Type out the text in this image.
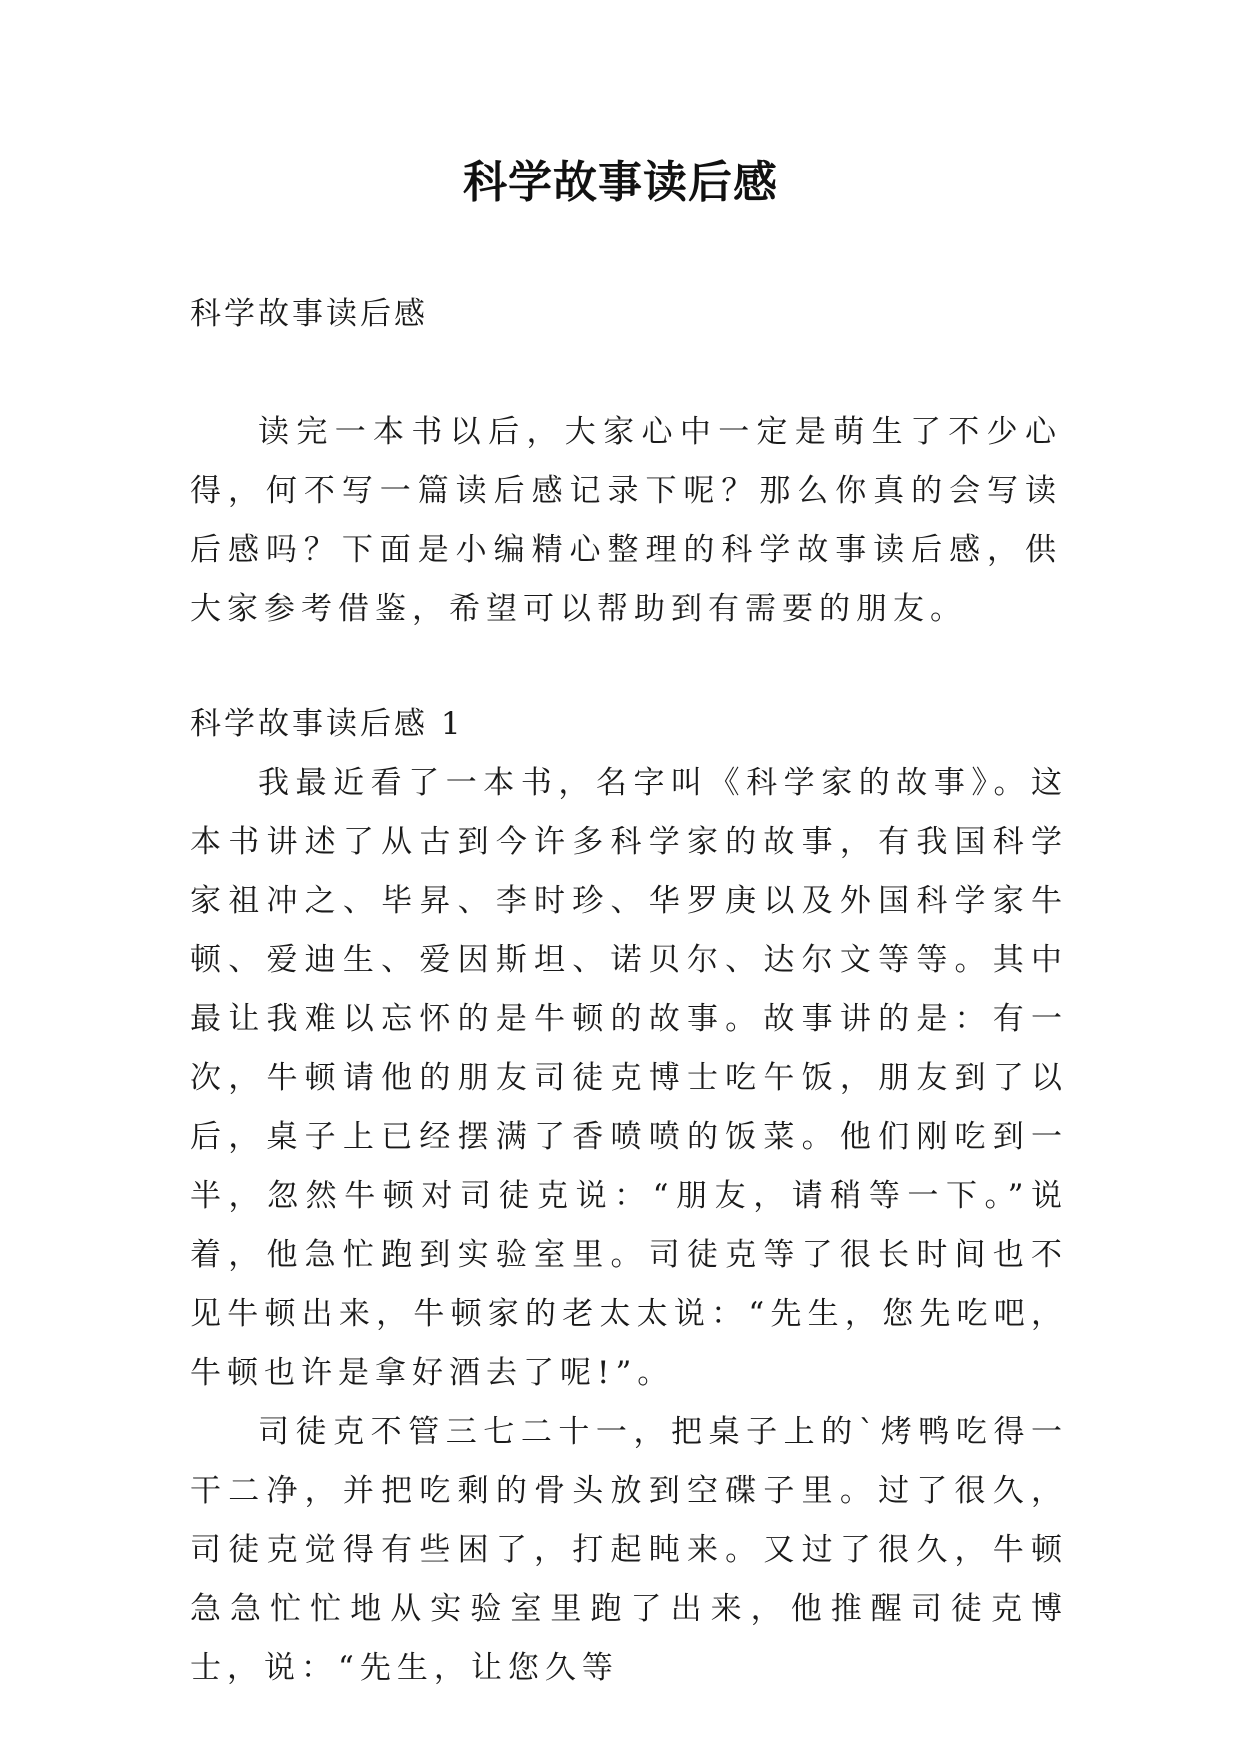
科学故事读后感
科学故事读后感

读完一本书以后，大家心中一定是萌生了不少心得，何不写一篇读后感记录下呢？那么你真的会写读后感吗？下面是小编精心整理的科学故事读后感，供大家参考借鉴，希望可以帮助到有需要的朋友。

科学故事读后感 1

我最近看了一本书，名字叫《科学家的故事》。这本书讲述了从古到今许多科学家的故事，有我国科学家祖冲之、毕昇、李时珍、华罗庚以及外国科学家牛顿、爱迪生、爱因斯坦、诺贝尔、达尔文等等。其中最让我难以忘怀的是牛顿的故事。故事讲的是：有一次，牛顿请他的朋友司徒克博士吃午饭，朋友到了以后，桌子上已经摆满了香喷喷的饭菜。他们刚吃到一半，忽然牛顿对司徒克说：“朋友，请稍等一下。”说着，他急忙跑到实验室里。司徒克等了很长时间也不见牛顿出来，牛顿家的老太太说：“先生，您先吃吧，牛顿也许是拿好酒去了呢!”。

司徒克不管三七二十一，把桌子上的`烤鸭吃得一干二净，并把吃剩的骨头放到空碟子里。过了很久，司徒克觉得有些困了，打起盹来。又过了很久，牛顿急急忙忙地从实验室里跑了出来，他推醒司徒克博士，说：“先生，让您久等
